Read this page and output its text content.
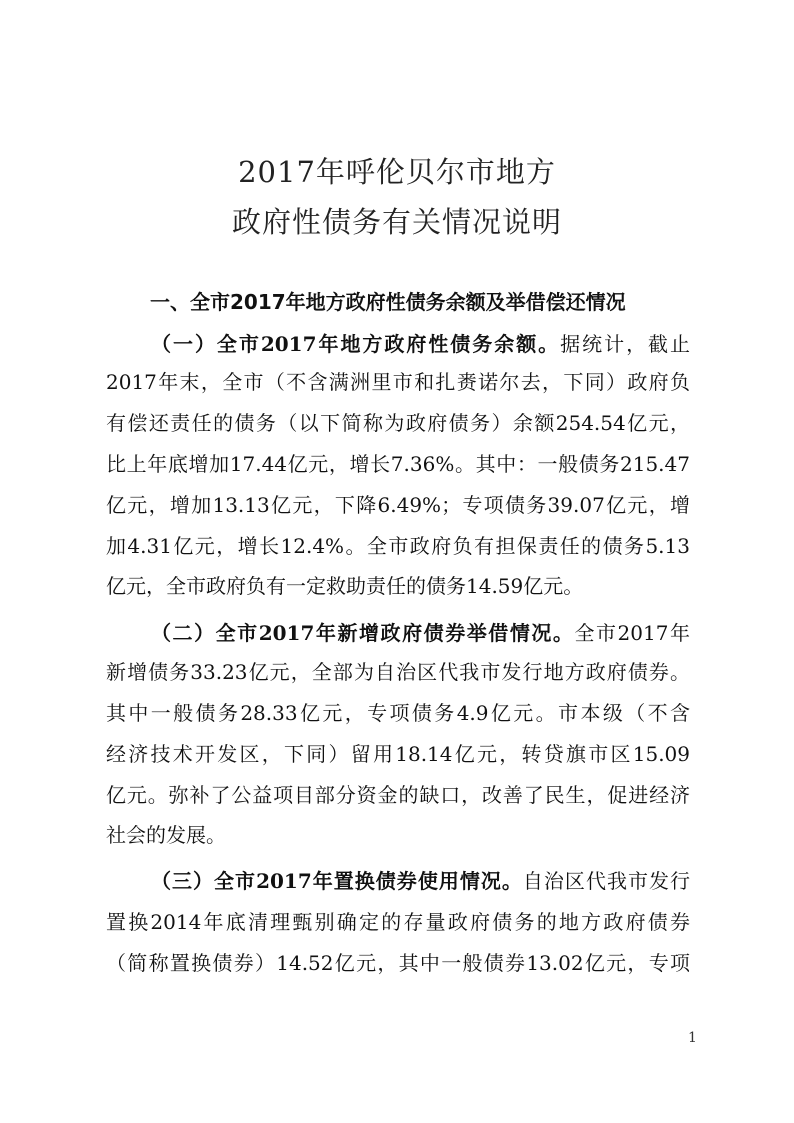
2017年呼伦贝尔市地方
政府性债务有关情况说明
一、全市2017年地方政府性债务余额及举借偿还情况
（一）全市2017年地方政府性债务余额。据统计，截止
2017年末，全市（不含满洲里市和扎赉诺尔去，下同）政府负
有偿还责任的债务（以下简称为政府债务）余额254.54亿元，
比上年底增加17.44亿元，增长7.36%。其中：一般债务215.47
亿元，增加13.13亿元，下降6.49%；专项债务39.07亿元，增
加4.31亿元，增长12.4%。全市政府负有担保责任的债务5.13
亿元，全市政府负有一定救助责任的债务14.59亿元。
（二）全市2017年新增政府债券举借情况。全市2017年
新增债务33.23亿元，全部为自治区代我市发行地方政府债券。
其中一般债务28.33亿元，专项债务4.9亿元。市本级（不含
经济技术开发区，下同）留用18.14亿元，转贷旗市区15.09
亿元。弥补了公益项目部分资金的缺口，改善了民生，促进经济
社会的发展。
（三）全市2017年置换债券使用情况。自治区代我市发行
置换2014年底清理甄别确定的存量政府债务的地方政府债券
（简称置换债券）14.52亿元，其中一般债券13.02亿元，专项
1
